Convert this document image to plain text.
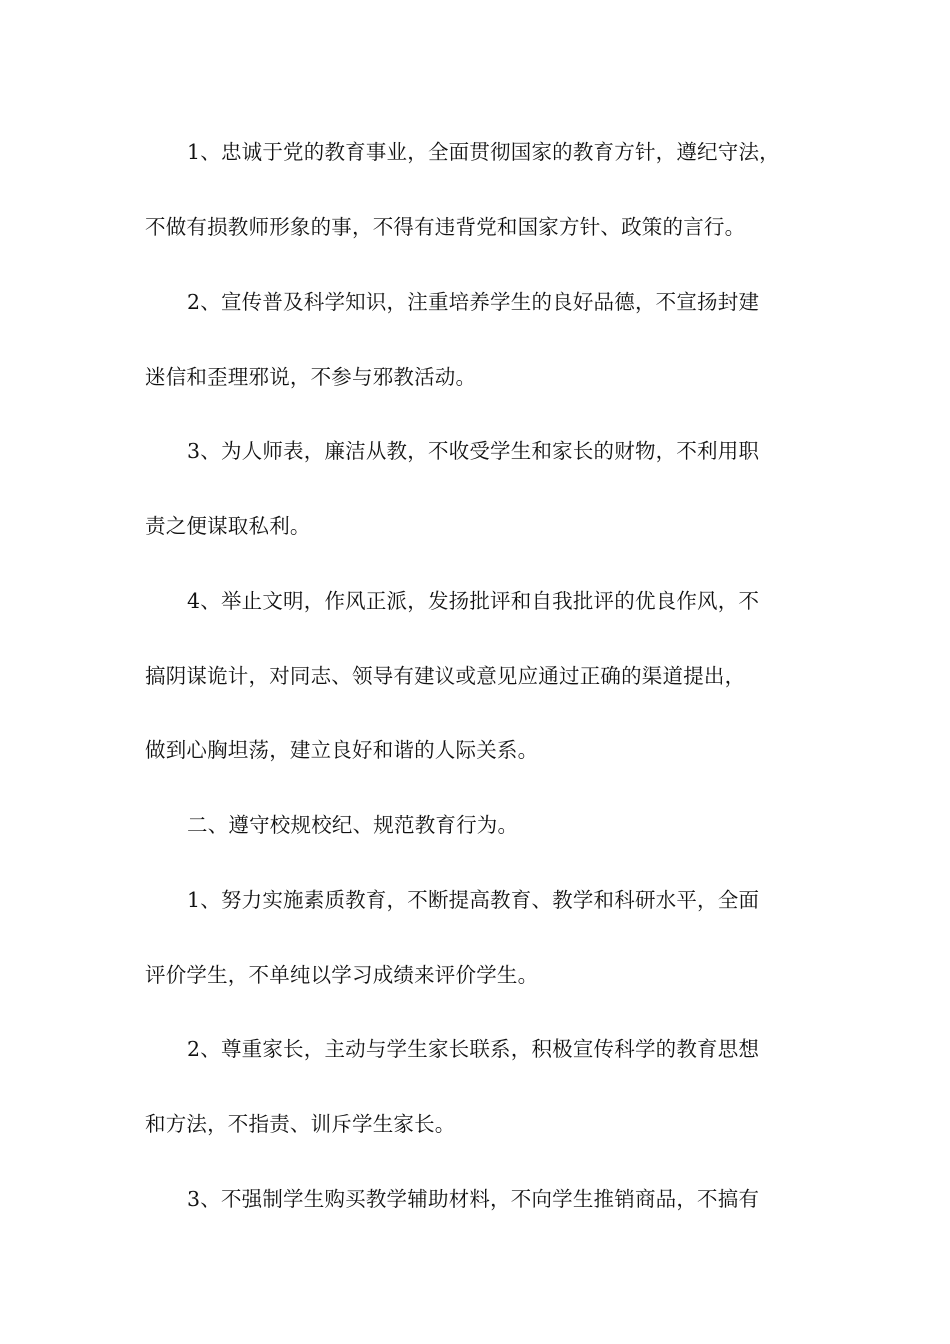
1、忠诚于党的教育事业，全面贯彻国家的教育方针，遵纪守法，
不做有损教师形象的事，不得有违背党和国家方针、政策的言行。
2、宣传普及科学知识，注重培养学生的良好品德，不宣扬封建
迷信和歪理邪说，不参与邪教活动。
3、为人师表，廉洁从教，不收受学生和家长的财物，不利用职
责之便谋取私利。
4、举止文明，作风正派，发扬批评和自我批评的优良作风，不
搞阴谋诡计，对同志、领导有建议或意见应通过正确的渠道提出，
做到心胸坦荡，建立良好和谐的人际关系。
二、遵守校规校纪、规范教育行为。
1、努力实施素质教育，不断提高教育、教学和科研水平，全面
评价学生，不单纯以学习成绩来评价学生。
2、尊重家长，主动与学生家长联系，积极宣传科学的教育思想
和方法，不指责、训斥学生家长。
3、不强制学生购买教学辅助材料，不向学生推销商品，不搞有
